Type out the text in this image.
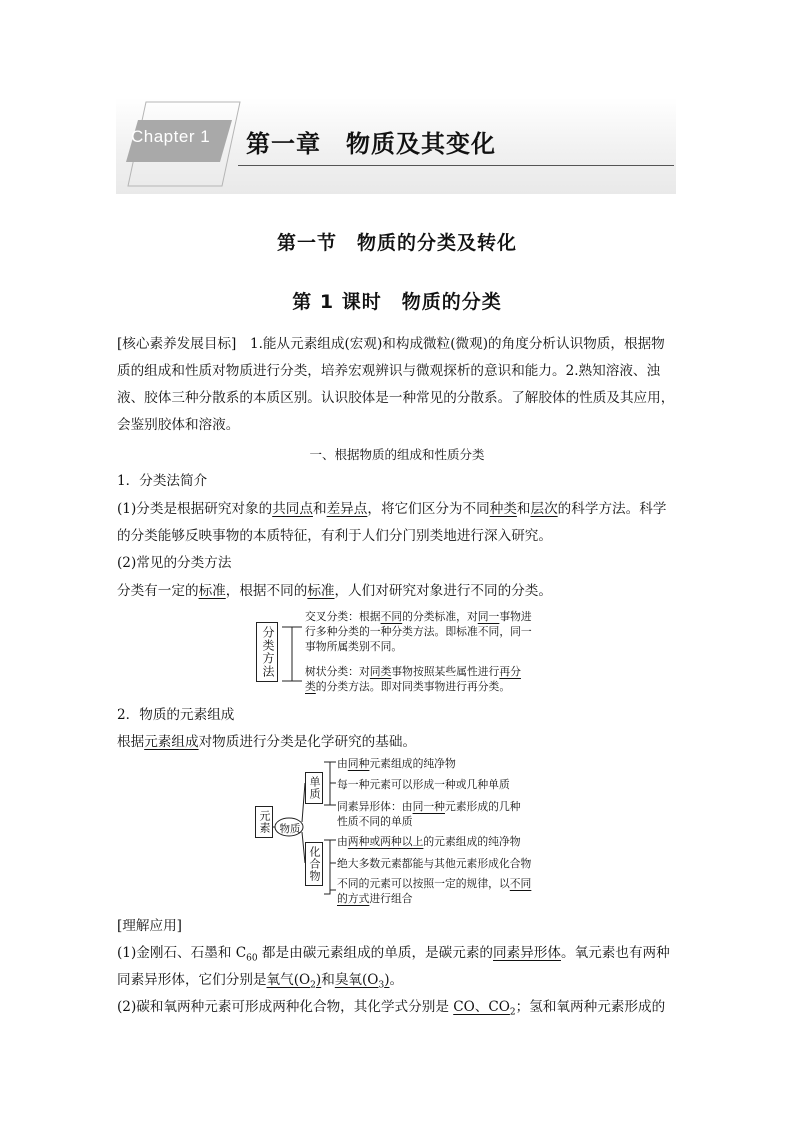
Chapter 1	第一章　物质及其变化
第一节　物质的分类及转化
第 1 课时　物质的分类
[核心素养发展目标]　1.能从元素组成(宏观)和构成微粒(微观)的角度分析认识物质，根据物质的组成和性质对物质进行分类，培养宏观辨识与微观探析的意识和能力。2.熟知溶液、浊液、胶体三种分散系的本质区别。认识胶体是一种常见的分散系。了解胶体的性质及其应用，会鉴别胶体和溶液。
一、根据物质的组成和性质分类
1．分类法简介
(1)分类是根据研究对象的共同点和差异点，将它们区分为不同种类和层次的科学方法。科学
的分类能够反映事物的本质特征，有利于人们分门别类地进行深入研究。
(2)常见的分类方法
分类有一定的标准，根据不同的标准，人们对研究对象进行不同的分类。
分类方法
交叉分类：根据不同的分类标准，对同一事物进
行多种分类的一种分类方法。即标准不同，同一
事物所属类别不同。
树状分类：对同类事物按照某些属性进行再分
类的分类方法。即对同类事物进行再分类。
2．物质的元素组成
根据元素组成对物质进行分类是化学研究的基础。
元素 物质
单质
化合物
由同种元素组成的纯净物
每一种元素可以形成一种或几种单质
同素异形体：由同一种元素形成的几种
性质不同的单质
由两种或两种以上的元素组成的纯净物
绝大多数元素都能与其他元素形成化合物
不同的元素可以按照一定的规律，以不同
的方式进行组合
[理解应用]
(1)金刚石、石墨和 $C_{60}$ 都是由碳元素组成的单质，是碳元素的同素异形体。氧元素也有两种
同素异形体，它们分别是氧气$(O_2)$和臭氧$(O_3)$。
(2)碳和氧两种元素可形成两种化合物，其化学式分别是 CO、$CO_2$；氢和氧两种元素形成的
